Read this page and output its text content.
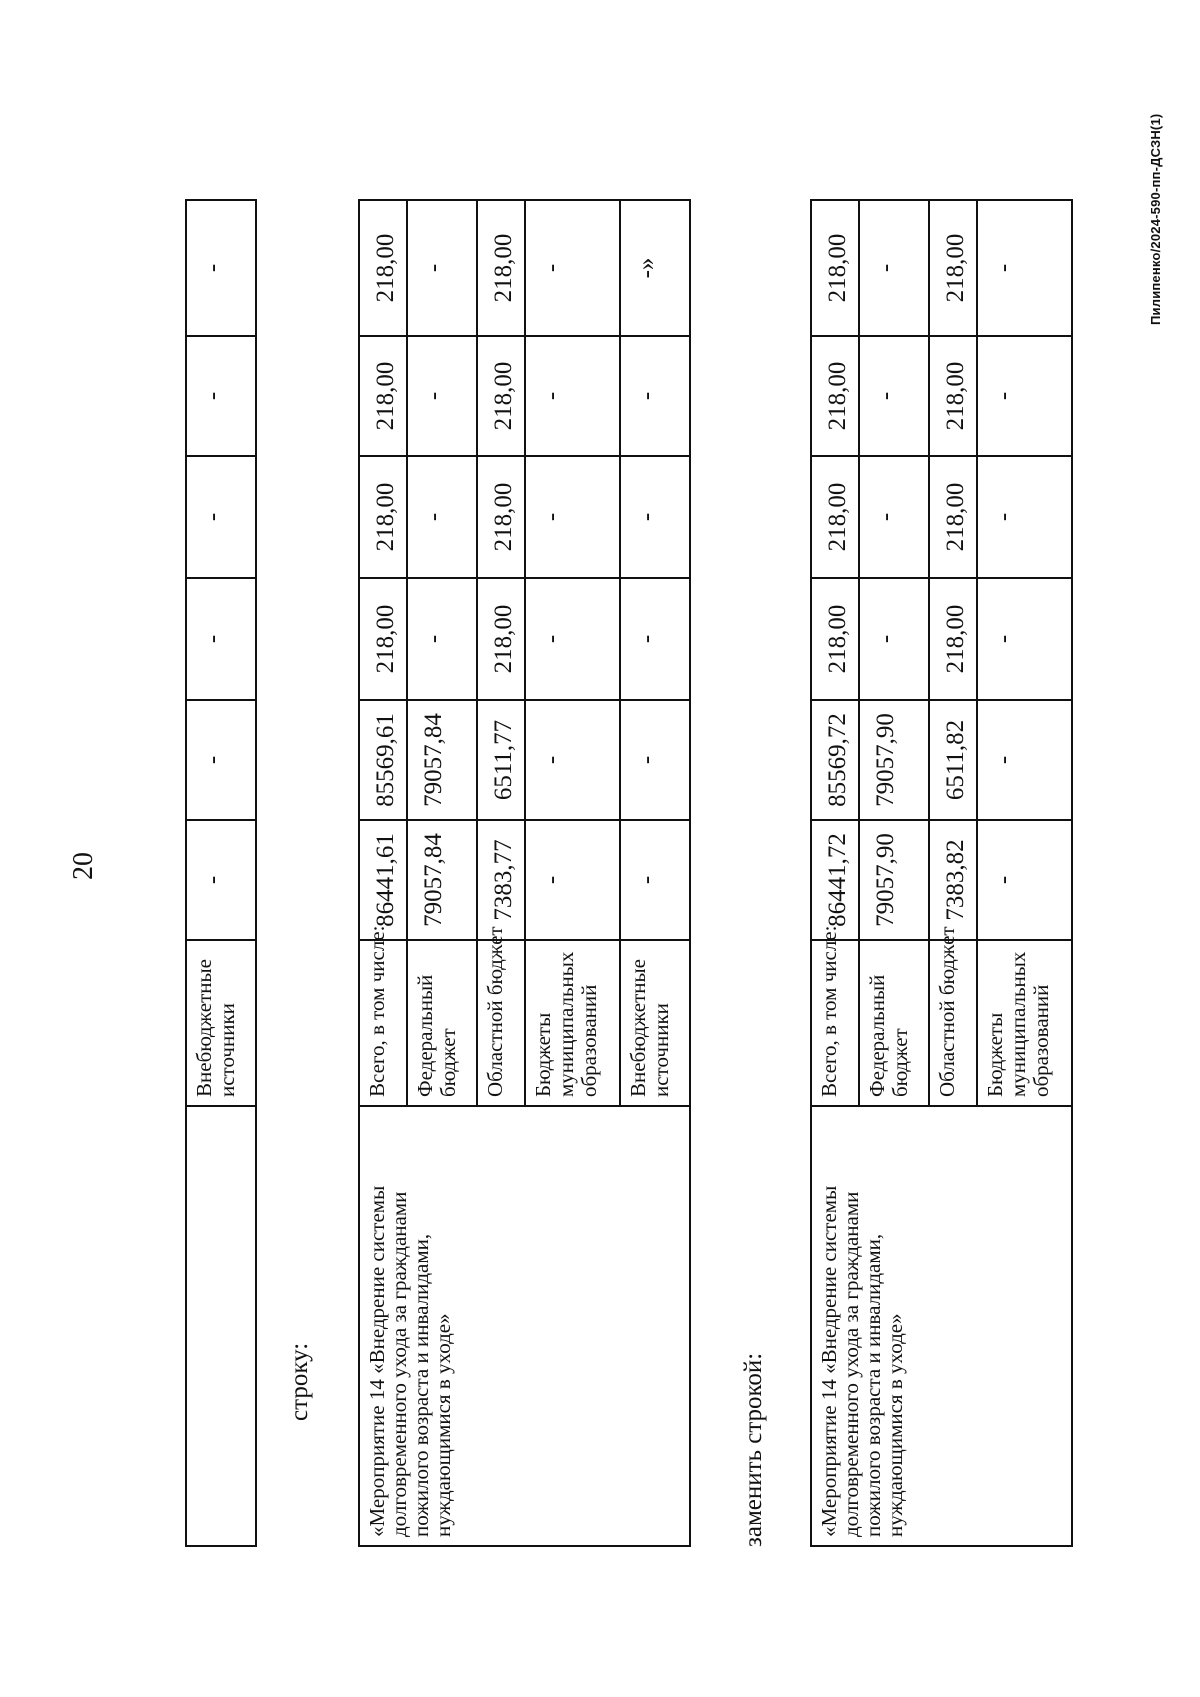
20
	Внебюджетные источники	-	-	-	-	-	-
строку: «Мероприятие 14 «Внедрение системы долговременного ухода за гражданами пожилого возраста и инвалидами, нуждающимися в уходе»	Всего, в том числе:	86441,61	85569,61	218,00	218,00	218,00	218,00
	Федеральный бюджет	79057,84	79057,84	-	-	-	-
	Областной бюджет	7383,77	6511,77	218,00	218,00	218,00	218,00
	Бюджеты муниципальных образований	-	-	-	-	-	-
	Внебюджетные источники	-	-	-	-	-	-»
заменить строкой: «Мероприятие 14 «Внедрение системы долговременного ухода за гражданами пожилого возраста и инвалидами, нуждающимися в уходе»	Всего, в том числе:	86441,72	85569,72	218,00	218,00	218,00	218,00
	Федеральный бюджет	79057,90	79057,90	-	-	-	-
	Областной бюджет	7383,82	6511,82	218,00	218,00	218,00	218,00
	Бюджеты муниципальных образований	-	-	-	-	-	-	Пилипенко/2024-590-пп-ДСЗН(1)
